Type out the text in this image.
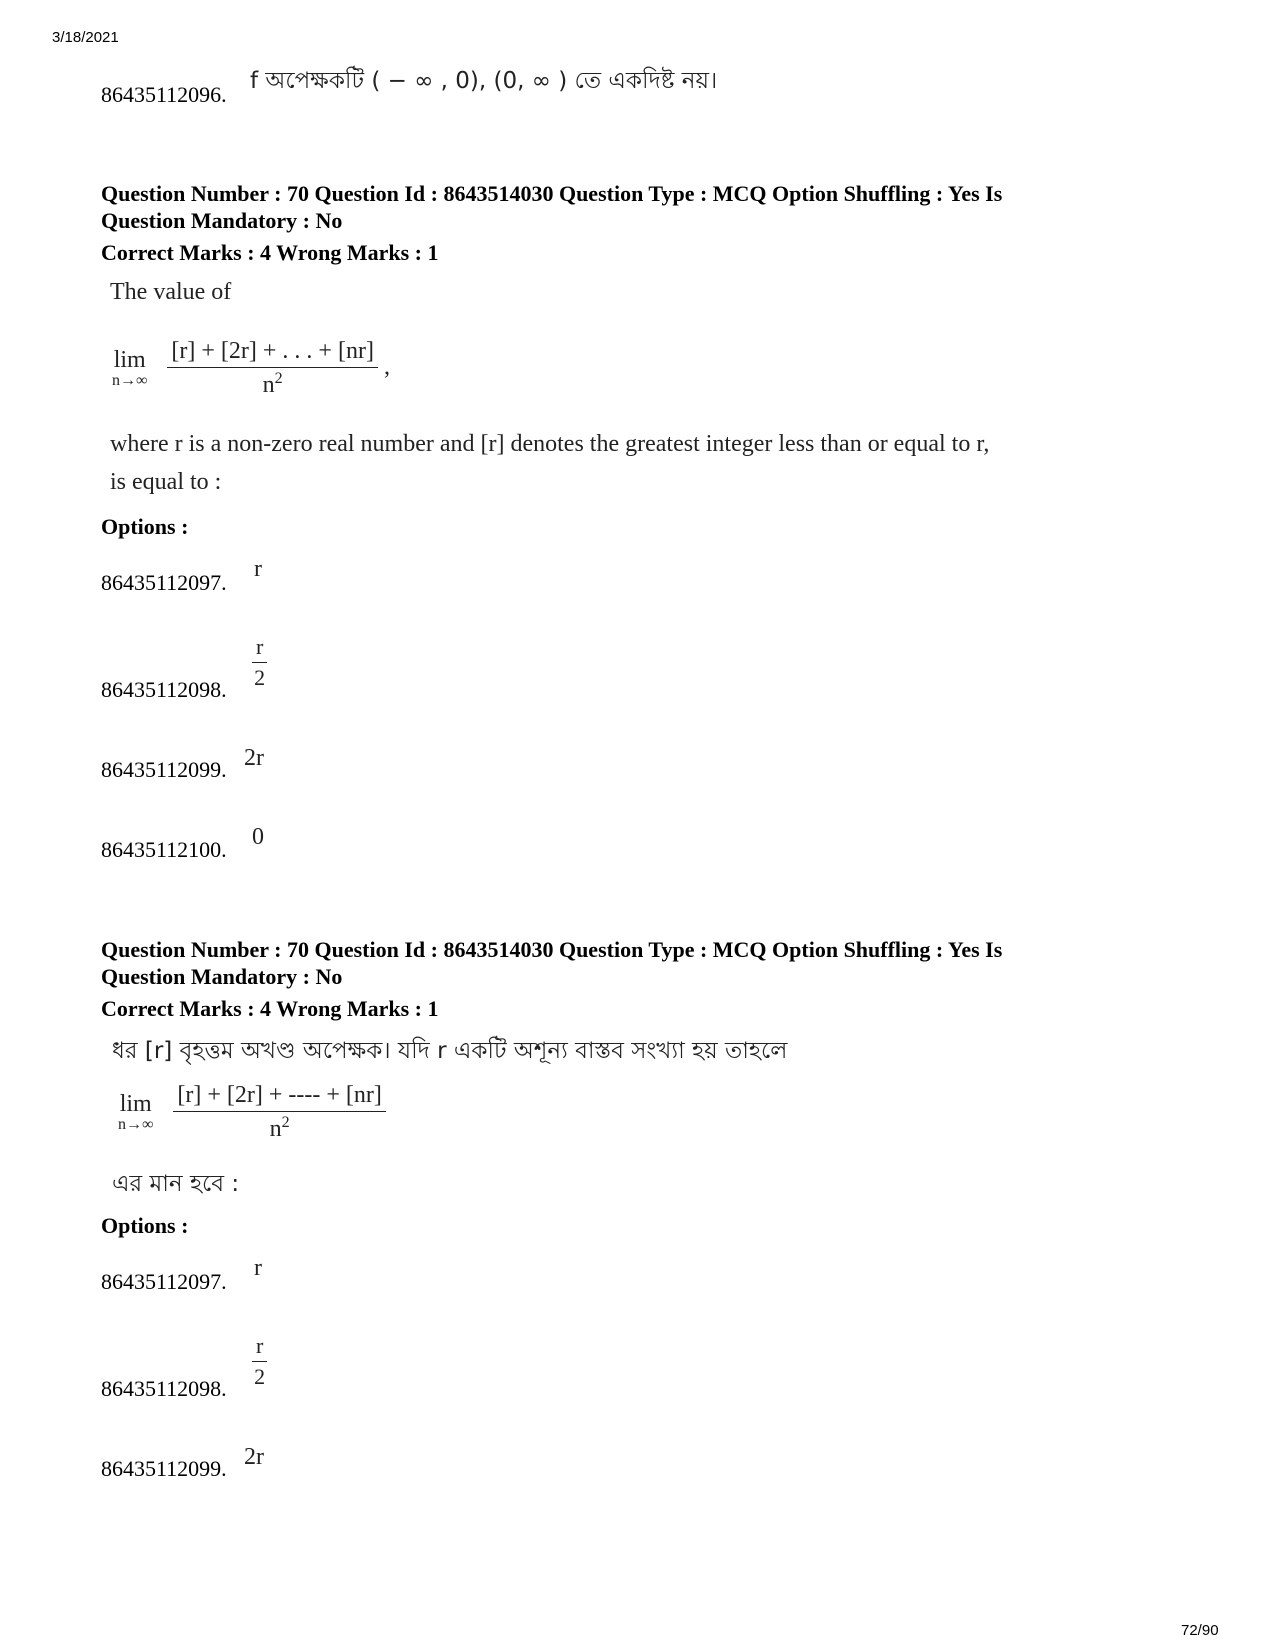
3/18/2021
72/90
86435112096.
f অপেক্ষকটি ( − ∞ , 0), (0, ∞ ) তে একদিষ্ট নয়।
Question Number : 70 Question Id : 8643514030 Question Type : MCQ Option Shuffling : Yes Is
Question Mandatory : No
Correct Marks : 4 Wrong Marks : 1
The value of
lim
n→∞
$\frac{[r] + [2r] + . . . + [nr]}{n^2}$ ,
where r is a non-zero real number and [r] denotes the greatest integer less than or equal to r,
is equal to :
Options :
86435112097.
r
86435112098. $\frac{r}{2}$
86435112099. 2r
86435112100. 0
Question Number : 70 Question Id : 8643514030 Question Type : MCQ Option Shuffling : Yes Is
Question Mandatory : No
Correct Marks : 4 Wrong Marks : 1
ধর [r] বৃহত্তম অখণ্ড অপেক্ষক। যদি r একটি অশূন্য বাস্তব সংখ্যা হয় তাহলে
lim
n→∞
$\frac{[r] + [2r] + ---- + [nr]}{n^2}$
এর মান হবে :
Options :
86435112097.
r
86435112098. $\frac{r}{2}$
86435112099. 2r
